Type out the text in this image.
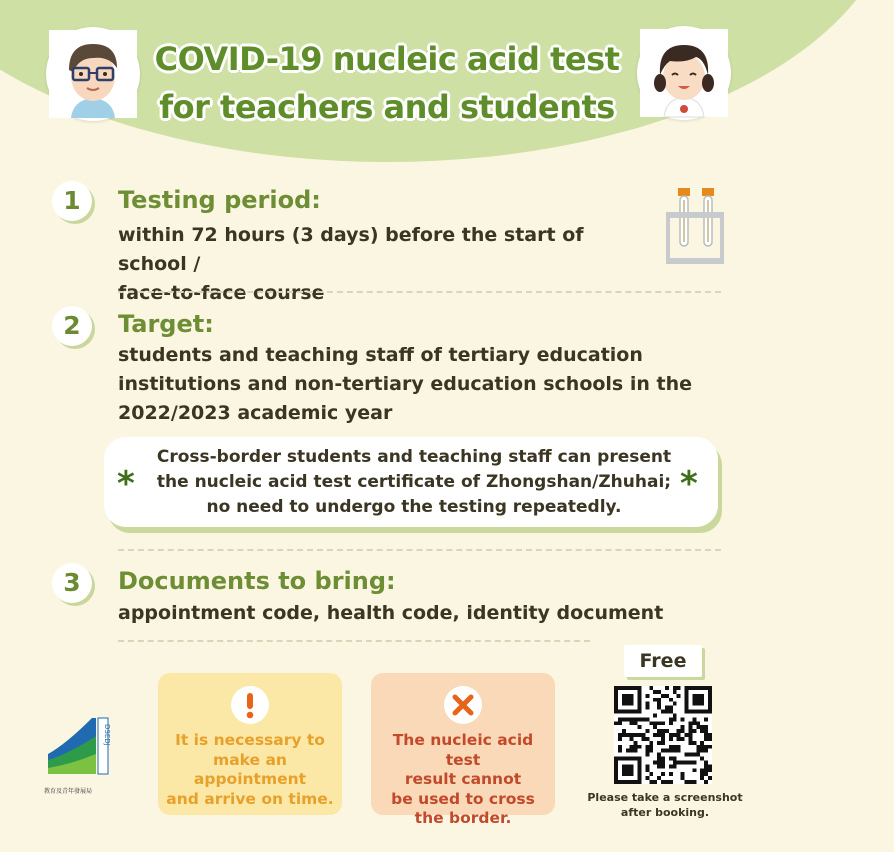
COVID-19 nucleic acid test
for teachers and students
1	Testing period:
within 72 hours (3 days) before the start of school /
face-to-face course
2	Target:
students and teaching staff of tertiary education
institutions and non-tertiary education schools in the
2022/2023 academic year
*	*
Cross-border students and teaching staff can present
the nucleic acid test certificate of Zhongshan/Zhuhai;
no need to undergo the testing repeatedly.
3	Documents to bring:
appointment code, health code, identity document
DSEDJ
教育及青年發展局
It is necessary to
make an
appointment
and arrive on time.
The nucleic acid test
result cannot
be used to cross
the border.
Free
Please take a screenshot
after booking.
